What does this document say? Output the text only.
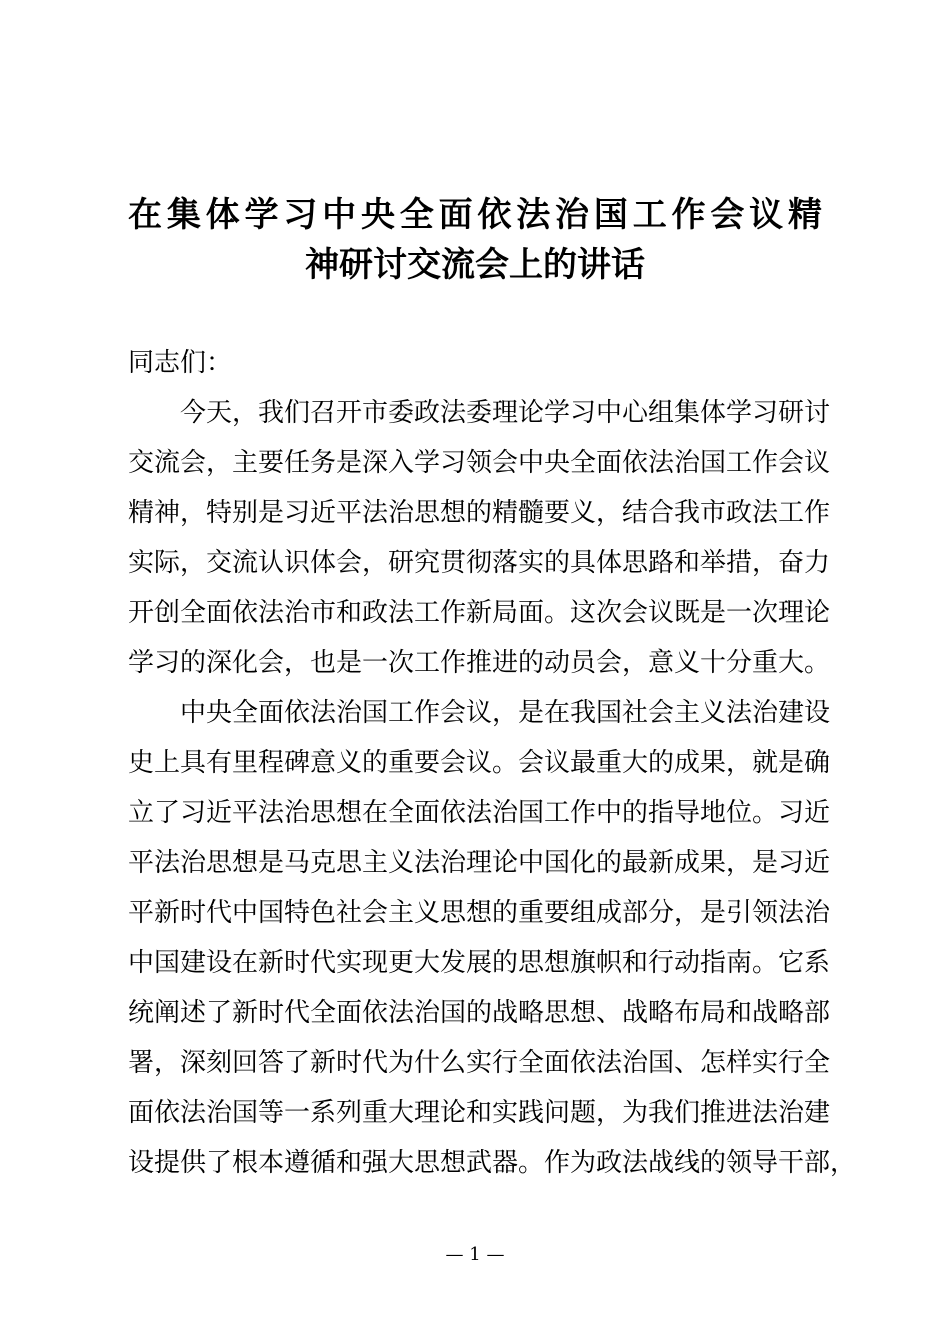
在集体学习中央全面依法治国工作会议精
神研讨交流会上的讲话
同志们：
今天，我们召开市委政法委理论学习中心组集体学习研讨
交流会，主要任务是深入学习领会中央全面依法治国工作会议
精神，特别是习近平法治思想的精髓要义，结合我市政法工作
实际，交流认识体会，研究贯彻落实的具体思路和举措，奋力
开创全面依法治市和政法工作新局面。这次会议既是一次理论
学习的深化会，也是一次工作推进的动员会，意义十分重大。
中央全面依法治国工作会议，是在我国社会主义法治建设
史上具有里程碑意义的重要会议。会议最重大的成果，就是确
立了习近平法治思想在全面依法治国工作中的指导地位。习近
平法治思想是马克思主义法治理论中国化的最新成果，是习近
平新时代中国特色社会主义思想的重要组成部分，是引领法治
中国建设在新时代实现更大发展的思想旗帜和行动指南。它系
统阐述了新时代全面依法治国的战略思想、战略布局和战略部
署，深刻回答了新时代为什么实行全面依法治国、怎样实行全
面依法治国等一系列重大理论和实践问题，为我们推进法治建
设提供了根本遵循和强大思想武器。作为政法战线的领导干部，
— 1 —
